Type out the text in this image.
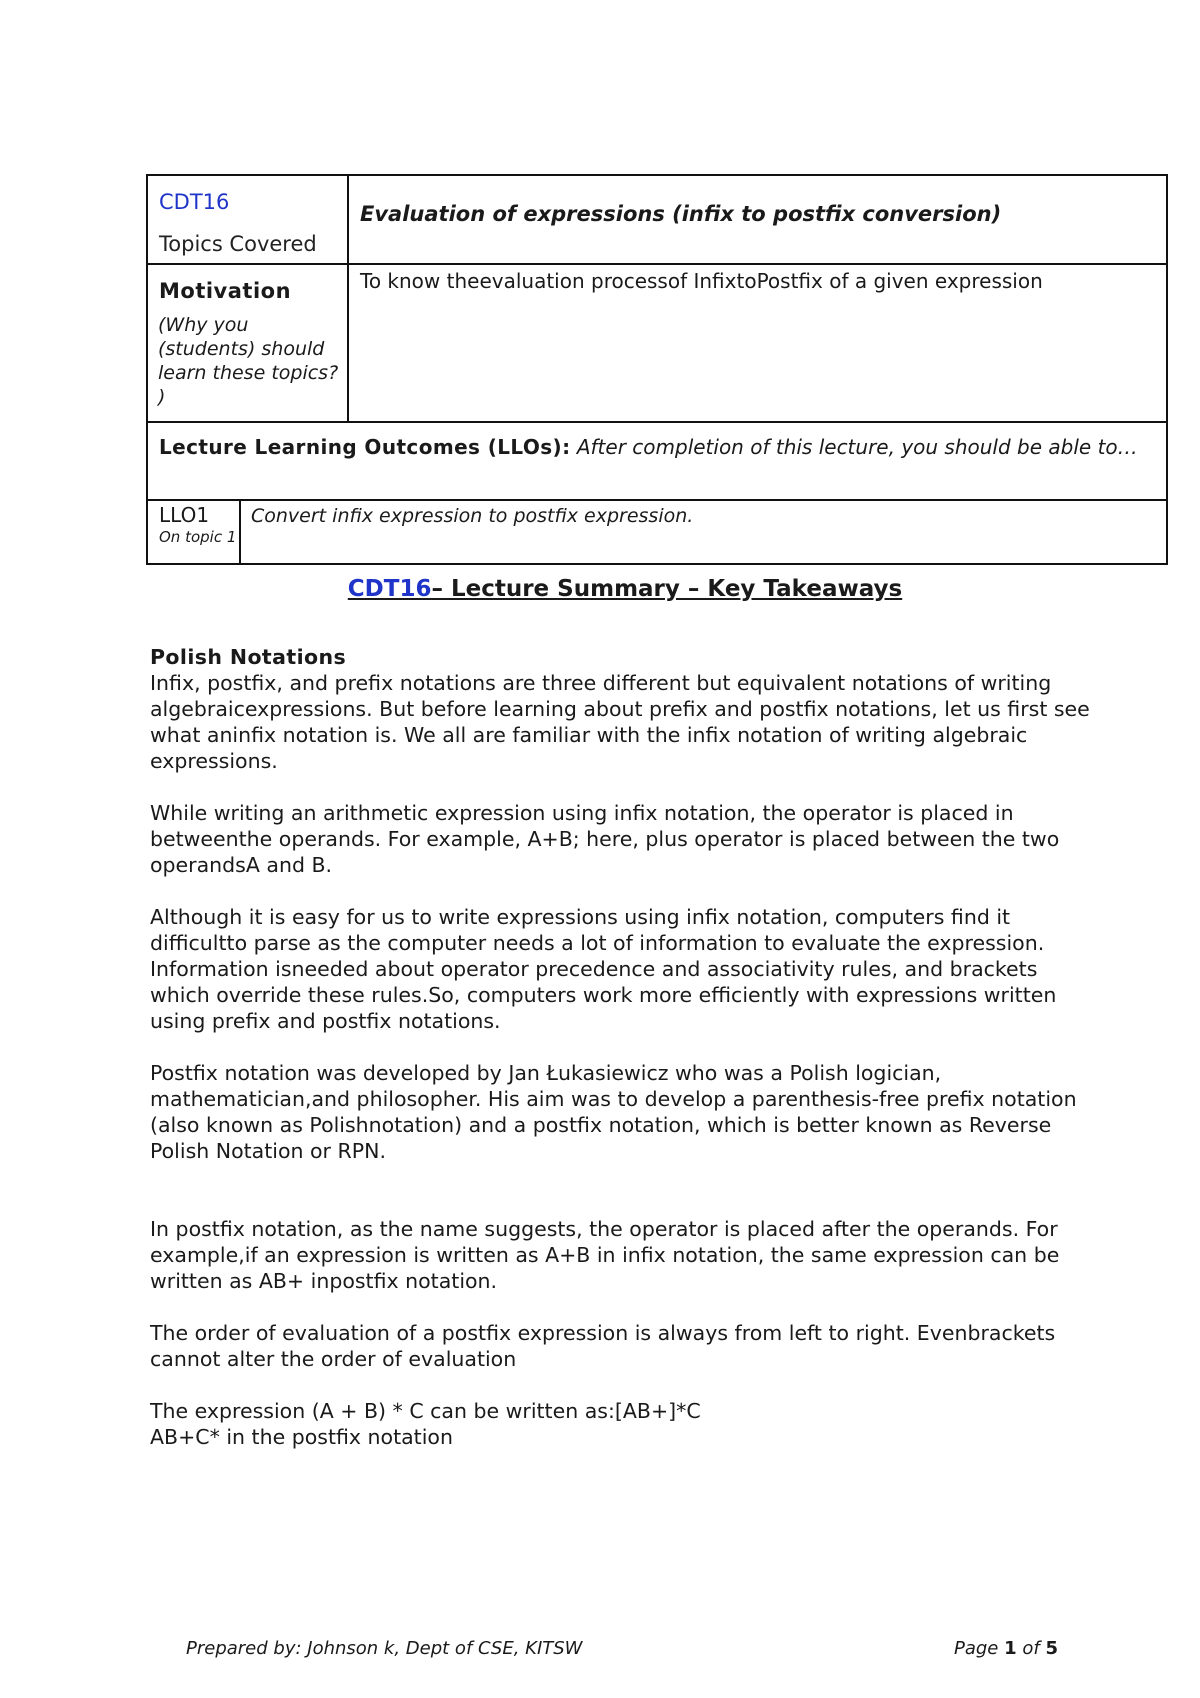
CDT16
Topics Covered		Evaluation of expressions (infix to postfix conversion)

Motivation
(Why you (students) should learn these topics? )		To know theevaluation processof InfixtoPostfix of a given expression

Lecture Learning Outcomes (LLOs): After completion of this lecture, you should be able to…		

LLO1
On topic 1	Convert infix expression to postfix expression.	
CDT16– Lecture Summary – Key Takeaways

Polish Notations

Infix, postfix, and prefix notations are three different but equivalent notations of writing algebraicexpressions. But before learning about prefix and postfix notations, let us first see what aninfix notation is. We all are familiar with the infix notation of writing algebraic expressions.

While writing an arithmetic expression using infix notation, the operator is placed in betweenthe operands. For example, A+B; here, plus operator is placed between the two operandsA and B.

Although it is easy for us to write expressions using infix notation, computers find it difficultto parse as the computer needs a lot of information to evaluate the expression. Information isneeded about operator precedence and associativity rules, and brackets which override these rules.So, computers work more efficiently with expressions written using prefix and postfix notations.

Postfix notation was developed by Jan Łukasiewicz who was a Polish logician, mathematician,and philosopher. His aim was to develop a parenthesis-free prefix notation (also known as Polishnotation) and a postfix notation, which is better known as Reverse Polish Notation or RPN.

In postfix notation, as the name suggests, the operator is placed after the operands. For example,if an expression is written as A+B in infix notation, the same expression can be written as AB+ inpostfix notation.

The order of evaluation of a postfix expression is always from left to right. Evenbrackets cannot alter the order of evaluation

The expression (A + B) * C can be written as:[AB+]*C

AB+C* in the postfix notation

Prepared by: Johnson k, Dept of CSE, KITSW	Page 1 of 5
